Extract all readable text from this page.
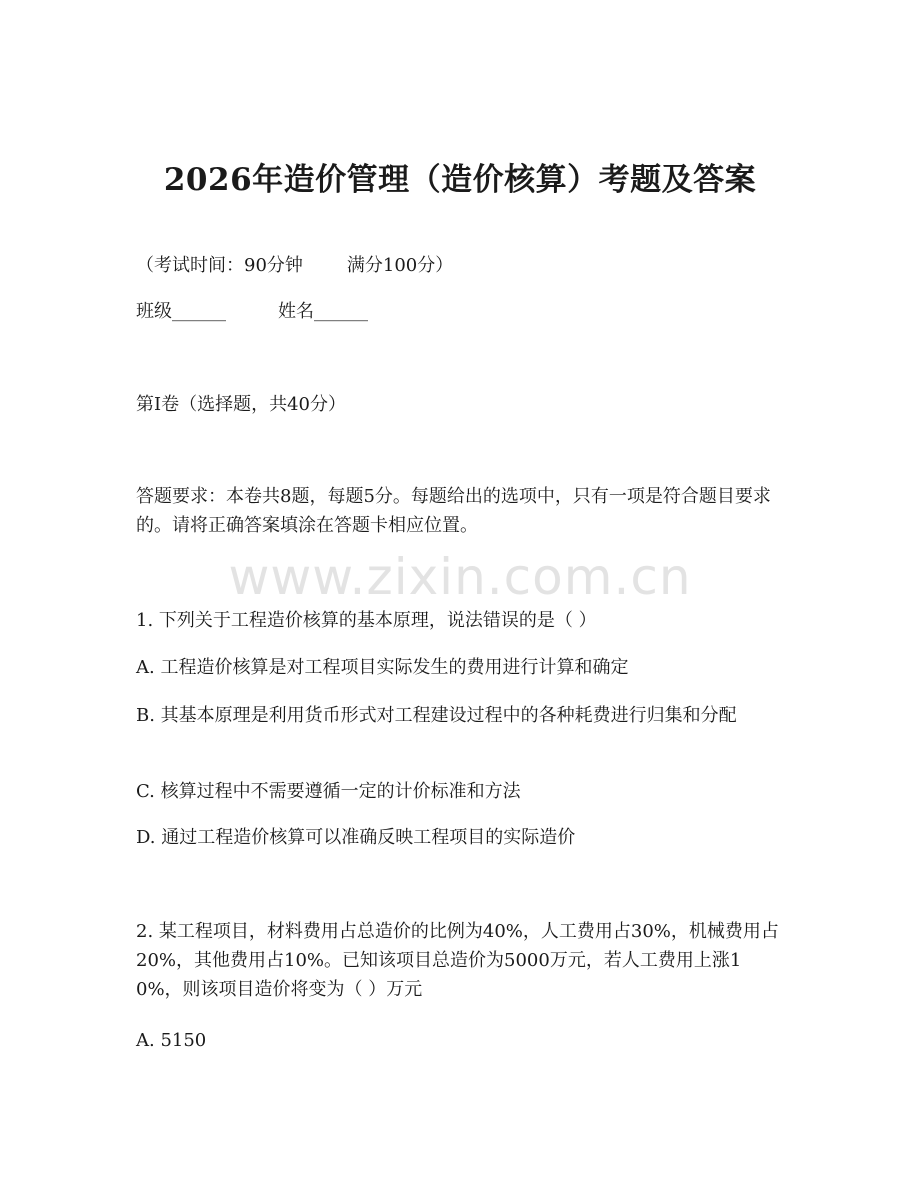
www.zixin.com.cn
2026年造价管理（造价核算）考题及答案
（考试时间：90分钟 满分100分）
班级______	姓名______
第I卷（选择题，共40分）
答题要求：本卷共8题，每题5分。每题给出的选项中，只有一项是符合题目要求的。请将正确答案填涂在答题卡相应位置。
1. 下列关于工程造价核算的基本原理，说法错误的是（ ）
A. 工程造价核算是对工程项目实际发生的费用进行计算和确定
B. 其基本原理是利用货币形式对工程建设过程中的各种耗费进行归集和分配
C. 核算过程中不需要遵循一定的计价标准和方法
D. 通过工程造价核算可以准确反映工程项目的实际造价
2. 某工程项目，材料费用占总造价的比例为40%，人工费用占30%，机械费用占20%，其他费用占10%。已知该项目总造价为5000万元，若人工费用上涨10%，则该项目造价将变为（ ）万元
A. 5150
